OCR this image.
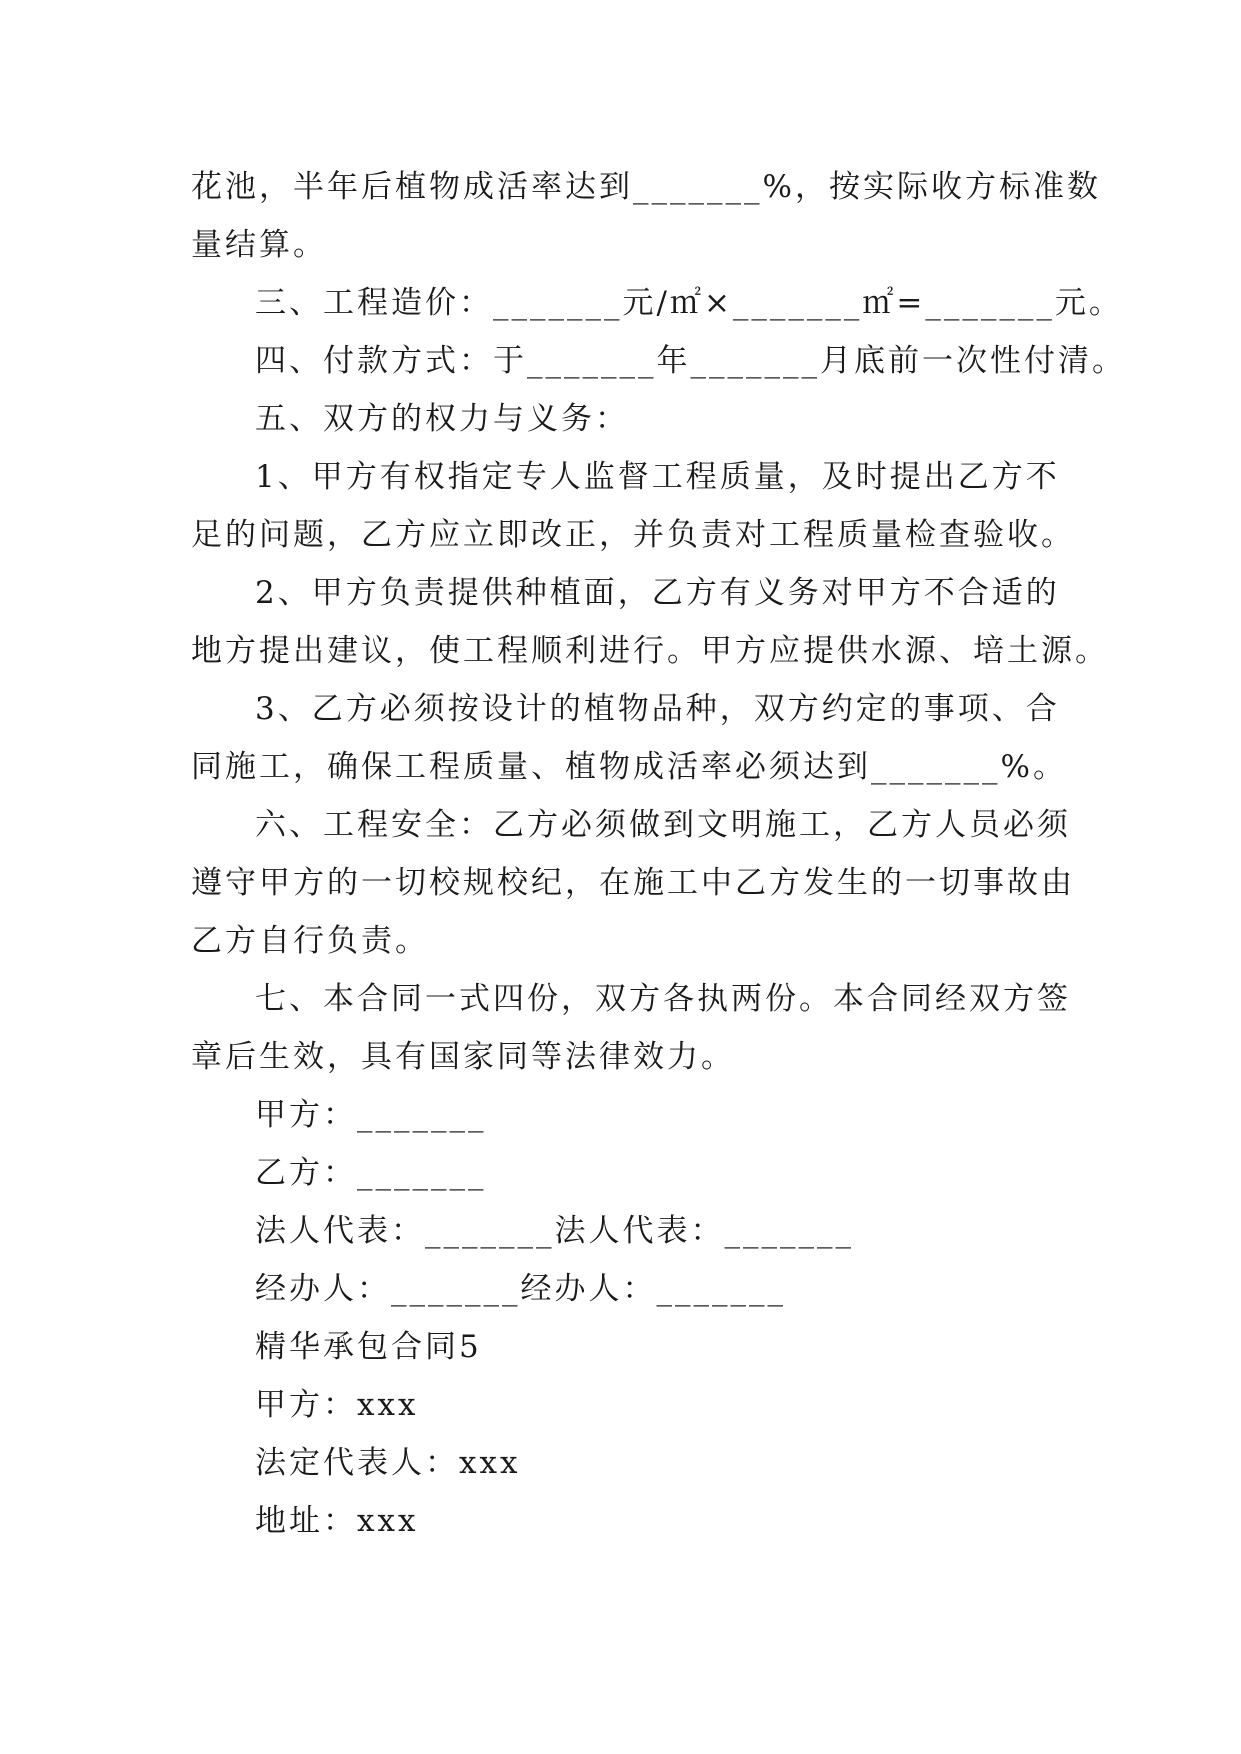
花池，半年后植物成活率达到_______%，按实际收方标准数
量结算。
三、工程造价：_______元/㎡×_______㎡=_______元。
四、付款方式：于_______年_______月底前一次性付清。
五、双方的权力与义务：
1、甲方有权指定专人监督工程质量，及时提出乙方不
足的问题，乙方应立即改正，并负责对工程质量检查验收。
2、甲方负责提供种植面，乙方有义务对甲方不合适的
地方提出建议，使工程顺利进行。甲方应提供水源、培土源。
3、乙方必须按设计的植物品种，双方约定的事项、合
同施工，确保工程质量、植物成活率必须达到_______%。
六、工程安全：乙方必须做到文明施工，乙方人员必须
遵守甲方的一切校规校纪，在施工中乙方发生的一切事故由
乙方自行负责。
七、本合同一式四份，双方各执两份。本合同经双方签
章后生效，具有国家同等法律效力。
甲方：_______
乙方：_______
法人代表：_______法人代表：_______
经办人：_______经办人：_______
精华承包合同5
甲方：xxx
法定代表人：xxx
地址：xxx
